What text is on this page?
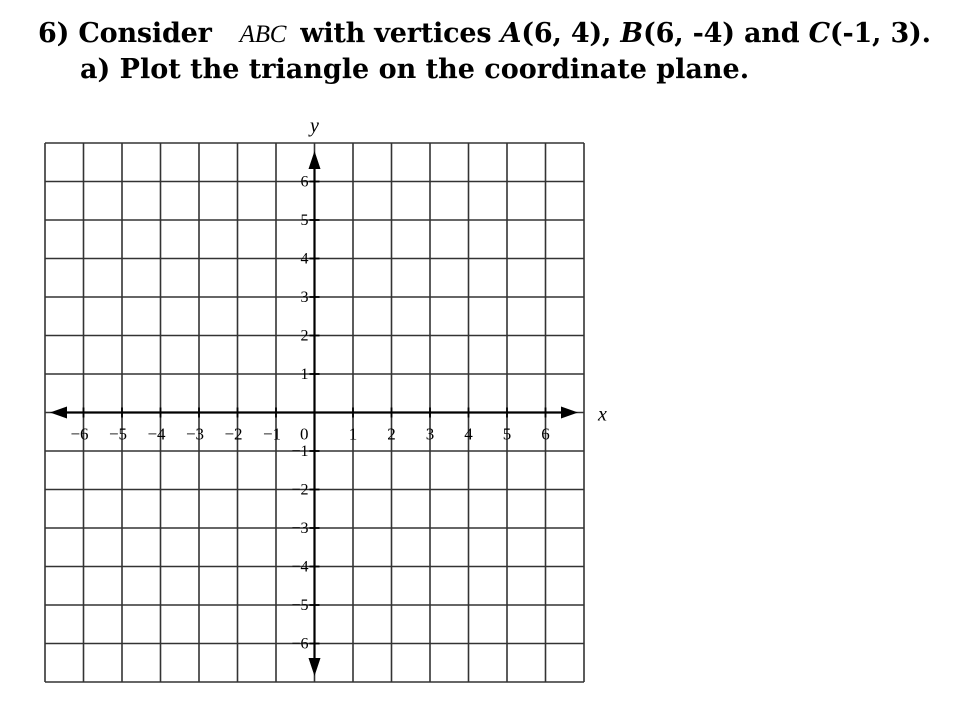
6) Consider ABC with vertices A(6, 4), B(6, -4) and C(-1, 3).
a) Plot the triangle on the coordinate plane.
−6 −5 −4 −3 −2 −1	1 2 3 4 5 6
−6
−5
−4
−3
−2
−1
1
2
3
4
5
6
0
x
y
